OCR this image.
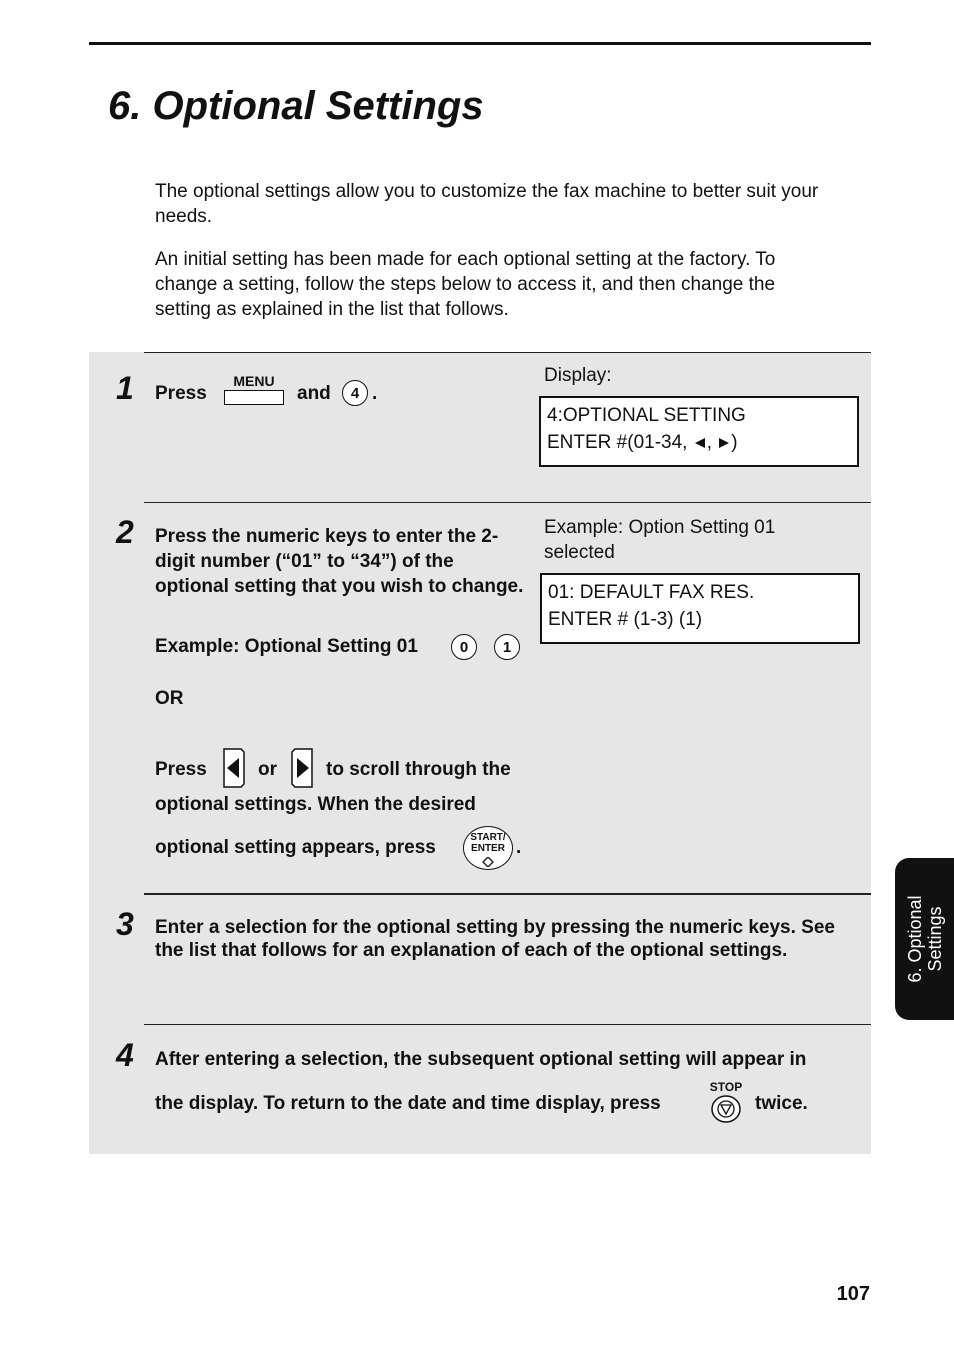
6. Optional Settings

The optional settings allow you to customize the fax machine to better suit your needs.

An initial setting has been made for each optional setting at the factory. To change a setting, follow the steps below to access it, and then change the setting as explained in the list that follows.

1 Press
MENU
and	4 .
Display:
4:OPTIONAL SETTING
ENTER #(01-34, , )
2 Press the numeric keys to enter the 2-digit number (“01” to “34”) of the optional setting that you wish to change.
Example: Optional Setting 01	0	1
OR
Press	or	to scroll through the
optional settings. When the desired
optional setting appears, press	START/
ENTER .
Example: Option Setting 01 selected
01: DEFAULT FAX RES.
ENTER # (1-3) (1)
3 Enter a selection for the optional setting by pressing the numeric keys. See the list that follows for an explanation of each of the optional settings.
4 After entering a selection, the subsequent optional setting will appear in
the display. To return to the date and time display, press
STOP
twice.
6. Optional Settings
107
